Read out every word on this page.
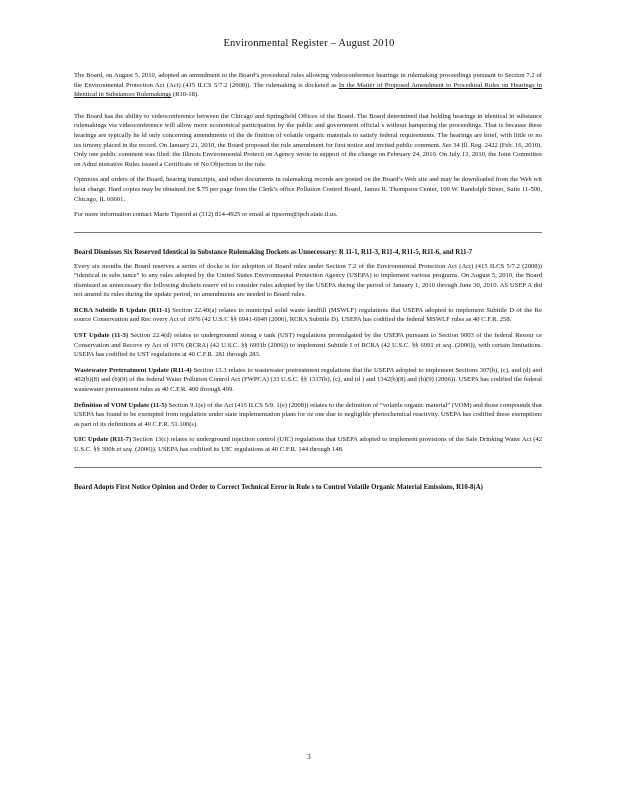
Environmental Register – August 2010

The Board, on August 5, 2010, adopted an amendment to the Board’s procedural rules allowing videoconference hearings in rulemaking proceedings pursuant to Section 7.2 of the Environmental Protection Act (Act) (415 ILCS 5/7.2 (2008)). The rulemaking is docketed as In the Matter of Proposed Amendment to Procedural Rules on Hearings in Identical in Substances Rulemakings (R10-18).

The Board has the ability to videoconference between the Chicago and Springfield Offices of the Board. The Board determined that holding hearings in identical in substance rulemakings via videoconference will allow more economical participation by the public and government official s without hampering the proceedings. That is because these hearings are typically he ld only concerning amendments of the de finition of volatile organic materials to satisfy federal requirements. The hearings are brief, with little or no tes timony placed in the record. On January 21, 2010, the Board proposed the rule amendment for first notice and invited public comment. See 34 Ill. Reg. 2422 (Feb. 16, 2010). Only one public comment was filed: the Illinois Environmental Protecti on Agency wrote in support of the change on February 24, 2010. On July 13, 2010, the Joint Committee on Admi nistrative Rules issued a Certificate of No Objection to the rule.

Opinions and orders of the Board, hearing transcripts, and other documents in rulemaking records are posted on the Board’s Web site and may be downloaded from the Web wit hout charge. Hard copies may be obtained for $.75 per page from the Clerk’s office Pollution Control Board, James R. Thompson Center, 100 W. Randolph Street, Suite 11-500, Chicago, IL 60601.

For more information contact Marie Tipsord at (312) 814-4925 or email at tipsorm@ipcb.state.il.us.

Board Dismisses Six Reserved Identical in Substance Rulemaking Dockets as Unnecessary: R 11-1, R11-3, R11-4, R11-5, R11-6, and R11-7

Every six months the Board reserves a series of docke ts for adoption of Board rules under Section 7.2 of the Environmental Protection Act (Act) (415 ILCS 5/7.2 (2008)) “identical in subs tance” to any rules adopted by the United States Environmental Protection Agency (USEPA) to implement various programs. On August 5, 2010, the Board dismissed as unnecessary the following dockets reserv ed to consider rules adopted by the USEPA during the period of January 1, 2010 through June 30, 2010. AS USEP A did not amend its rules during the update period, no amendments are needed to Board rules.

RCRA Subtitle B Update (R11-1) Section 22.40(a) relates to municipal solid waste landfill (MSWLF) regulations that USEPA adopted to implement Subtitle D of the Re source Conservation and Rec overy Act of 1976 (42 U.S.C §§ 6941-6949 (2006), RCRA Subtitle D). USEPA has codified the federal MSWLF rules as 40 C.F.R. 258.

UST Update (11-3) Section 22.4(d) relates to undergrounnd storag e tank (UST) regulations promulgated by the USEPA pursuant to Section 9003 of the federal Resour ce Conservation and Recove ry Act of 1976 (RCRA) (42 U.S.C. §§ 6991b (2006)) to implement Subtitle I of RCRA (42 U.S.C. §§ 6991 et seq. (2006)), with certain limitations. USEPA has codified its UST regulations at 40 C.F.R. 281 through 283.

Wastewater Pretreatment Update (R11-4) Section 13.3 relates to wastewater pretreatment regulations that the USEPA adopted to implement Sections 307(b), (c), and (d) and 402(b)(8) and (b)(9) of the federal Water Pollution Control Act (FWPCA) (33 U.S.C. §§ 1317(b), (c), and (d ) and 1342(b)(8) and (b)(9) (2006)). USEPA has codified the federal wastewater pretreatment rules as 40 C.F.R. 400 through 499.

Definition of VOM Update (11-5) Section 9.1(e) of the Act (415 ILCS 5/9. 1(e) (2008)) relates to the definition of “volatile organic material” (VOM) and those compounds that USEPA has found to be exempted from regulation under state implementation plans for oz one due to negligible photochemical reactivity. USEPA has codified these exemptions as part of its definitions at 40 C.F.R. 51.100(s).

UIC Update (R11-7) Section 13(c) relates to underground injection control (UIC) regulations that USEPA adopted to implement provisions of the Safe Drinking Water Act (42 U.S.C. §§ 300h et seq. (2006)). USEPA has codified its UIC regulations at 40 C.F.R. 144 through 148.

Board Adopts First Notice Opinion and Order to Correct Technical Error in Rule s to Control Volatile Organic Material Emissions, R10-8(A)
3
